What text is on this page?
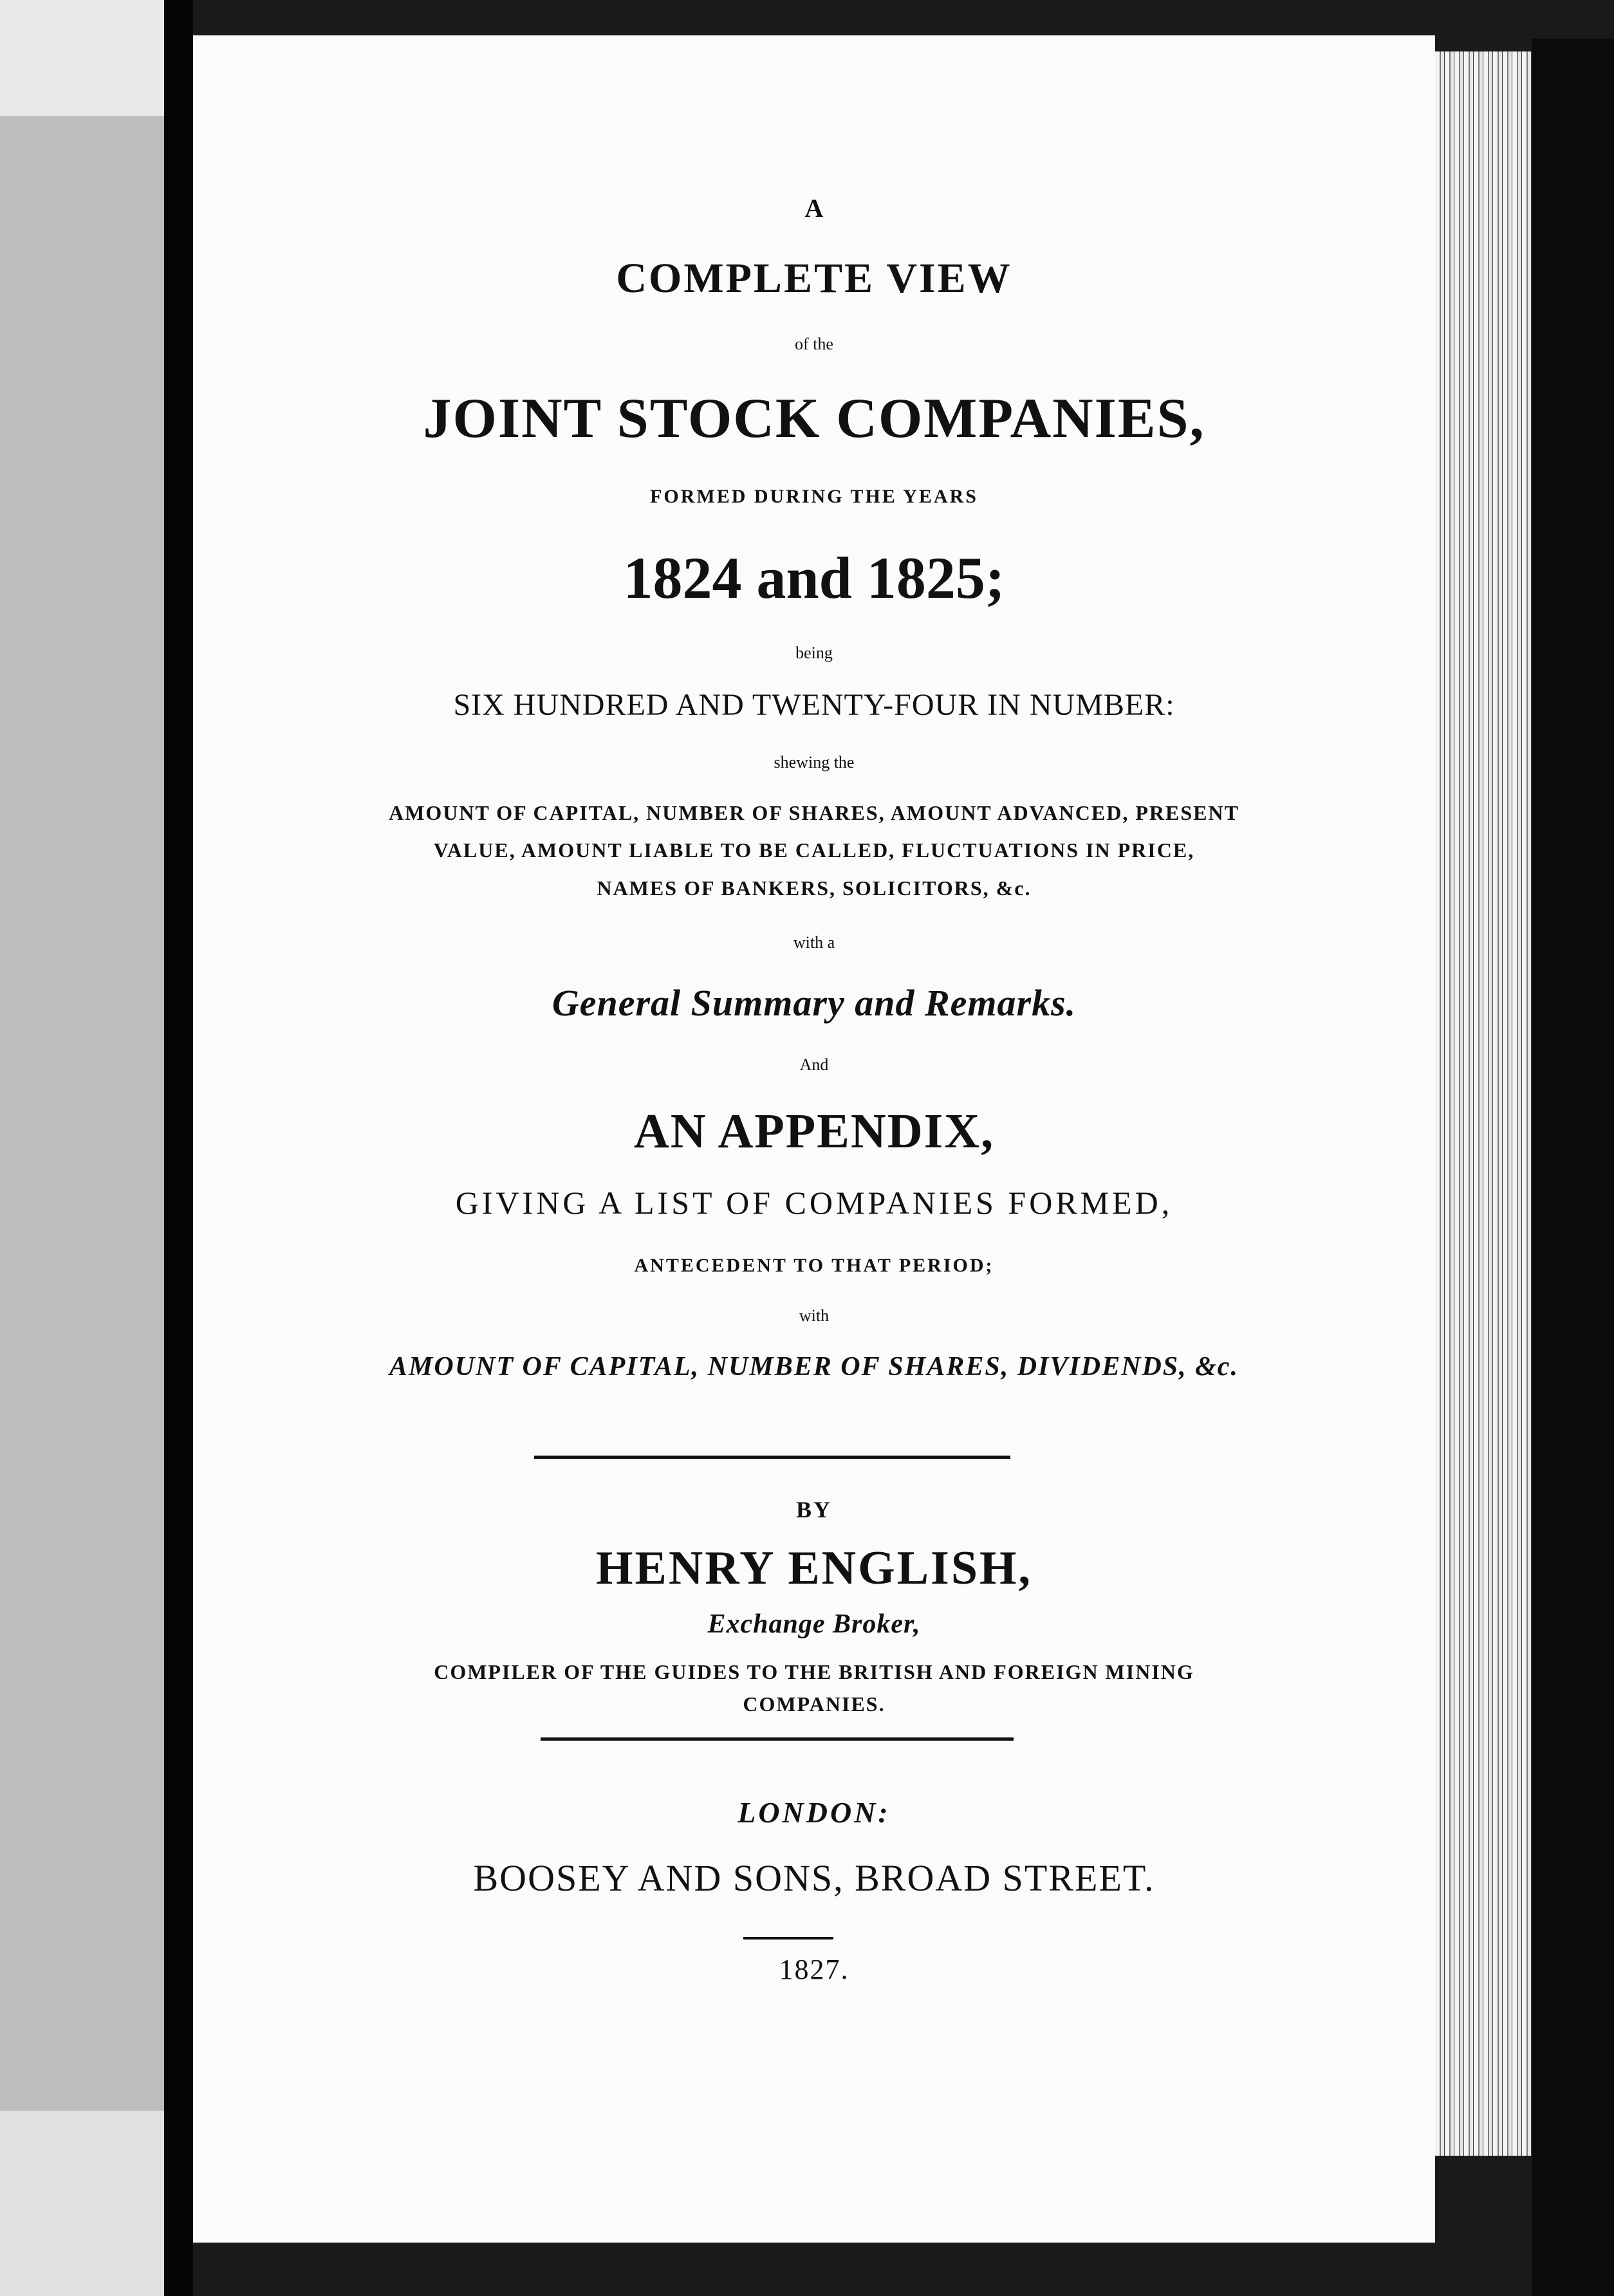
A
COMPLETE VIEW
of the
JOINT STOCK COMPANIES,
FORMED DURING THE YEARS
1824 and 1825;
being
SIX HUNDRED AND TWENTY-FOUR IN NUMBER:
shewing the
AMOUNT OF CAPITAL, NUMBER OF SHARES, AMOUNT ADVANCED, PRESENT
VALUE, AMOUNT LIABLE TO BE CALLED, FLUCTUATIONS IN PRICE,
NAMES OF BANKERS, SOLICITORS, &c.
with a
General Summary and Remarks.
And
AN APPENDIX,
GIVING A LIST OF COMPANIES FORMED,
ANTECEDENT TO THAT PERIOD;
with
AMOUNT OF CAPITAL, NUMBER OF SHARES, DIVIDENDS, &c.
BY
HENRY ENGLISH,
Exchange Broker,
COMPILER OF THE GUIDES TO THE BRITISH AND FOREIGN MINING
COMPANIES.
LONDON:
BOOSEY AND SONS, BROAD STREET.
1827.
